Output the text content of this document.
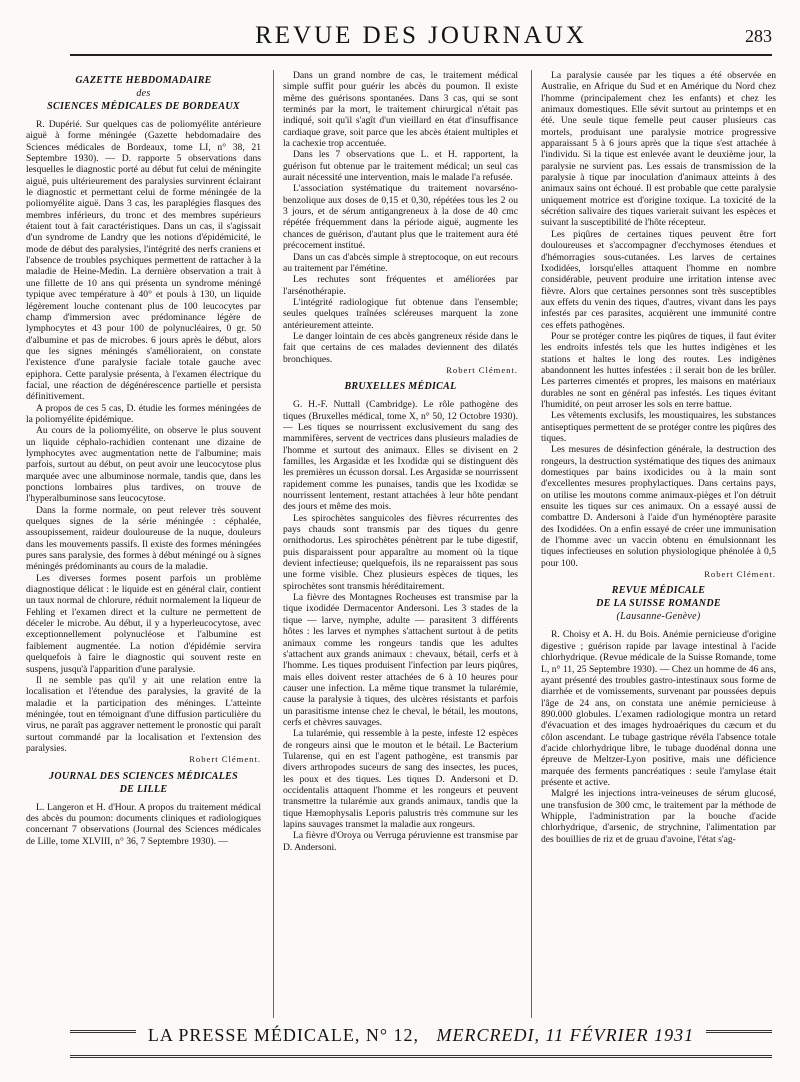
REVUE DES JOURNAUX	283
GAZETTE HEBDOMADAIRE
des
SCIENCES MÉDICALES DE BORDEAUX

R. Dupérié. Sur quelques cas de poliomyélite antérieure aiguë à forme méningée (Gazette hebdomadaire des Sciences médicales de Bordeaux, tome LI, n° 38, 21 Septembre 1930). — D. rapporte 5 observations dans lesquelles le diagnostic porté au début fut celui de méningite aiguë, puis ultérieurement des paralysies survinrent éclairant le diagnostic et permettant celui de forme méningée de la poliomyélite aiguë. Dans 3 cas, les paraplégies flasques des membres inférieurs, du tronc et des membres supérieurs étaient tout à fait caractéristiques. Dans un cas, il s'agissait d'un syndrome de Landry que les notions d'épidémicité, le mode de début des paralysies, l'intégrité des nerfs craniens et l'absence de troubles psychiques permettent de rattacher à la maladie de Heine-Medin. La dernière observation a trait à une fillette de 10 ans qui présenta un syndrome méningé typique avec température à 40° et pouls à 130, un liquide légèrement louche contenant plus de 100 leucocytes par champ d'immersion avec prédominance légère de lymphocytes et 43 pour 100 de polynucléaires, 0 gr. 50 d'albumine et pas de microbes. 6 jours après le début, alors que les signes méningés s'amélioraient, on constate l'existence d'une paralysie faciale totale gauche avec epiphora. Cette paralysie présenta, à l'examen électrique du facial, une réaction de dégénérescence partielle et persista définitivement.

A propos de ces 5 cas, D. étudie les formes méningées de la poliomyélite épidémique.

Au cours de la poliomyélite, on observe le plus souvent un liquide céphalo-rachidien contenant une dizaine de lymphocytes avec augmentation nette de l'albumine; mais parfois, surtout au début, on peut avoir une leucocytose plus marquée avec une albuminose normale, tandis que, dans les ponctions lombaires plus tardives, on trouve de l'hyperalbuminose sans leucocytose.

Dans la forme normale, on peut relever très souvent quelques signes de la série méningée : céphalée, assoupissement, raideur douloureuse de la nuque, douleurs dans les mouvements passifs. Il existe des formes méningées pures sans paralysie, des formes à début méningé ou à signes méningés prédominants au cours de la maladie.

Les diverses formes posent parfois un problème diagnostique délicat : le liquide est en général clair, contient un taux normal de chlorure, réduit normalement la liqueur de Fehling et l'examen direct et la culture ne permettent de déceler le microbe. Au début, il y a hyperleucocytose, avec exceptionnellement polynucléose et l'albumine est faiblement augmentée. La notion d'épidémie servira quelquefois à faire le diagnostic qui souvent reste en suspens, jusqu'à l'apparition d'une paralysie.

Il ne semble pas qu'il y ait une relation entre la localisation et l'étendue des paralysies, la gravité de la maladie et la participation des méninges. L'atteinte méningée, tout en témoignant d'une diffusion particulière du virus, ne paraît pas aggraver nettement le pronostic qui paraît surtout commandé par la localisation et l'extension des paralysies.

Robert Clément.

JOURNAL DES SCIENCES MÉDICALES
DE LILLE

L. Langeron et H. d'Hour. A propos du traitement médical des abcès du poumon: documents cliniques et radiologiques concernant 7 observations (Journal des Sciences médicales de Lille, tome XLVIII, n° 36, 7 Septembre 1930). —

Dans un grand nombre de cas, le traitement médical simple suffit pour guérir les abcès du poumon. Il existe même des guérisons spontanées. Dans 3 cas, qui se sont terminés par la mort, le traitement chirurgical n'était pas indiqué, soit qu'il s'agît d'un vieillard en état d'insuffisance cardiaque grave, soit parce que les abcès étaient multiples et la cachexie trop accentuée.

Dans les 7 observations que L. et H. rapportent, la guérison fut obtenue par le traitement médical; un seul cas aurait nécessité une intervention, mais le malade l'a refusée.

L'association systématique du traitement novarséno-benzolique aux doses de 0,15 et 0,30, répétées tous les 2 ou 3 jours, et de sérum antigangreneux à la dose de 40 cmc répétée fréquemment dans la période aiguë, augmente les chances de guérison, d'autant plus que le traitement aura été précocement institué.

Dans un cas d'abcès simple à streptocoque, on eut recours au traitement par l'émétine.

Les rechutes sont fréquentes et améliorées par l'arsénothérapie.

L'intégrité radiologique fut obtenue dans l'ensemble; seules quelques traînées scléreuses marquent la zone antérieurement atteinte.

Le danger lointain de ces abcès gangreneux réside dans le fait que certains de ces malades deviennent des dilatés bronchiques.

Robert Clément.

BRUXELLES MÉDICAL

G. H.-F. Nuttall (Cambridge). Le rôle pathogène des tiques (Bruxelles médical, tome X, n° 50, 12 Octobre 1930). — Les tiques se nourrissent exclusivement du sang des mammifères, servent de vectrices dans plusieurs maladies de l'homme et surtout des animaux. Elles se divisent en 2 familles, les Argasidæ et les Ixodidæ qui se distinguent dès les premières un écusson dorsal. Les Argasidæ se nourrissent rapidement comme les punaises, tandis que les Ixodidæ se nourrissent lentement, restant attachées à leur hôte pendant des jours et même des mois.

Les spirochètes sanguicoles des fièvres récurrentes des pays chauds sont transmis par des tiques du genre ornithodorus. Les spirochètes pénètrent par le tube digestif, puis disparaissent pour apparaître au moment où la tique devient infectieuse; quelquefois, ils ne reparaissent pas sous une forme visible. Chez plusieurs espèces de tiques, les spirochètes sont transmis héréditairement.

La fièvre des Montagnes Rocheuses est transmise par la tique ixodidée Dermacentor Andersoni. Les 3 stades de la tique — larve, nymphe, adulte — parasitent 3 différents hôtes : les larves et nymphes s'attachent surtout à de petits animaux comme les rongeurs tandis que les adultes s'attachent aux grands animaux : chevaux, bétail, cerfs et à l'homme. Les tiques produisent l'infection par leurs piqûres, mais elles doivent rester attachées de 6 à 10 heures pour causer une infection. La même tique transmet la tularémie, cause la paralysie à tiques, des ulcères résistants et parfois un parasitisme intense chez le cheval, le bétail, les moutons, cerfs et chèvres sauvages.

La tularémie, qui ressemble à la peste, infeste 12 espèces de rongeurs ainsi que le mouton et le bétail. Le Bacterium Tularense, qui en est l'agent pathogène, est transmis par divers arthropodes suceurs de sang des insectes, les puces, les poux et des tiques. Les tiques D. Andersoni et D. occidentalis attaquent l'homme et les rongeurs et peuvent transmettre la tularémie aux grands animaux, tandis que la tique Hæmophysalis Leporis palustris très commune sur les lapins sauvages transmet la maladie aux rongeurs.

La fièvre d'Oroya ou Verruga péruvienne est transmise par D. Andersoni.

La paralysie causée par les tiques a été observée en Australie, en Afrique du Sud et en Amérique du Nord chez l'homme (principalement chez les enfants) et chez les animaux domestiques. Elle sévit surtout au printemps et en été. Une seule tique femelle peut causer plusieurs cas mortels, produisant une paralysie motrice progressive apparaissant 5 à 6 jours après que la tique s'est attachée à l'individu. Si la tique est enlevée avant le deuxième jour, la paralysie ne survient pas. Les essais de transmission de la paralysie à tique par inoculation d'animaux atteints à des animaux sains ont échoué. Il est probable que cette paralysie uniquement motrice est d'origine toxique. La toxicité de la sécrétion salivaire des tiques varierait suivant les espèces et suivant la susceptibilité de l'hôte récepteur.

Les piqûres de certaines tiques peuvent être fort douloureuses et s'accompagner d'ecchymoses étendues et d'hémorragies sous-cutanées. Les larves de certaines Ixodidées, lorsqu'elles attaquent l'homme en nombre considérable, peuvent produire une irritation intense avec fièvre. Alors que certaines personnes sont très susceptibles aux effets du venin des tiques, d'autres, vivant dans les pays infestés par ces parasites, acquièrent une immunité contre ces effets pathogènes.

Pour se protéger contre les piqûres de tiques, il faut éviter les endroits infestés tels que les huttes indigènes et les stations et haltes le long des routes. Les indigènes abandonnent les huttes infestées : il serait bon de les brûler. Les parterres cimentés et propres, les maisons en matériaux durables ne sont en général pas infestés. Les tiques évitant l'humidité, on peut arroser les sols en terre battue.

Les vêtements exclusifs, les moustiquaires, les substances antiseptiques permettent de se protéger contre les piqûres des tiques.

Les mesures de désinfection générale, la destruction des rongeurs, la destruction systématique des tiques des animaux domestiques par bains ixodicides ou à la main sont d'excellentes mesures prophylactiques. Dans certains pays, on utilise les moutons comme animaux-pièges et l'on détruit ensuite les tiques sur ces animaux. On a essayé aussi de combattre D. Andersoni à l'aide d'un hyménoptère parasite des Ixodidées. On a enfin essayé de créer une immunisation de l'homme avec un vaccin obtenu en émulsionnant les tiques infectieuses en solution physiologique phénolée à 0,5 pour 100.

Robert Clément.

REVUE MÉDICALE
DE LA SUISSE ROMANDE
(Lausanne-Genève)

R. Choisy et A. H. du Bois. Anémie pernicieuse d'origine digestive ; guérison rapide par lavage intestinal à l'acide chlorhydrique. (Revue médicale de la Suisse Romande, tome L, n° 11, 25 Septembre 1930). — Chez un homme de 46 ans, ayant présenté des troubles gastro-intestinaux sous forme de diarrhée et de vomissements, survenant par poussées depuis l'âge de 24 ans, on constata une anémie pernicieuse à 890.000 globules. L'examen radiologique montra un retard d'évacuation et des images hydroaériques du cæcum et du côlon ascendant. Le tubage gastrique révéla l'absence totale d'acide chlorhydrique libre, le tubage duodénal donna une épreuve de Meltzer-Lyon positive, mais une déficience marquée des ferments pancréatiques : seule l'amylase était présente et active.

Malgré les injections intra-veineuses de sérum glucosé, une transfusion de 300 cmc, le traitement par la méthode de Whipple, l'administration par la bouche d'acide chlorhydrique, d'arsenic, de strychnine, l'alimentation par des bouillies de riz et de gruau d'avoine, l'état s'ag-

LA PRESSE MÉDICALE, N° 12, MERCREDI, 11 FÉVRIER 1931
